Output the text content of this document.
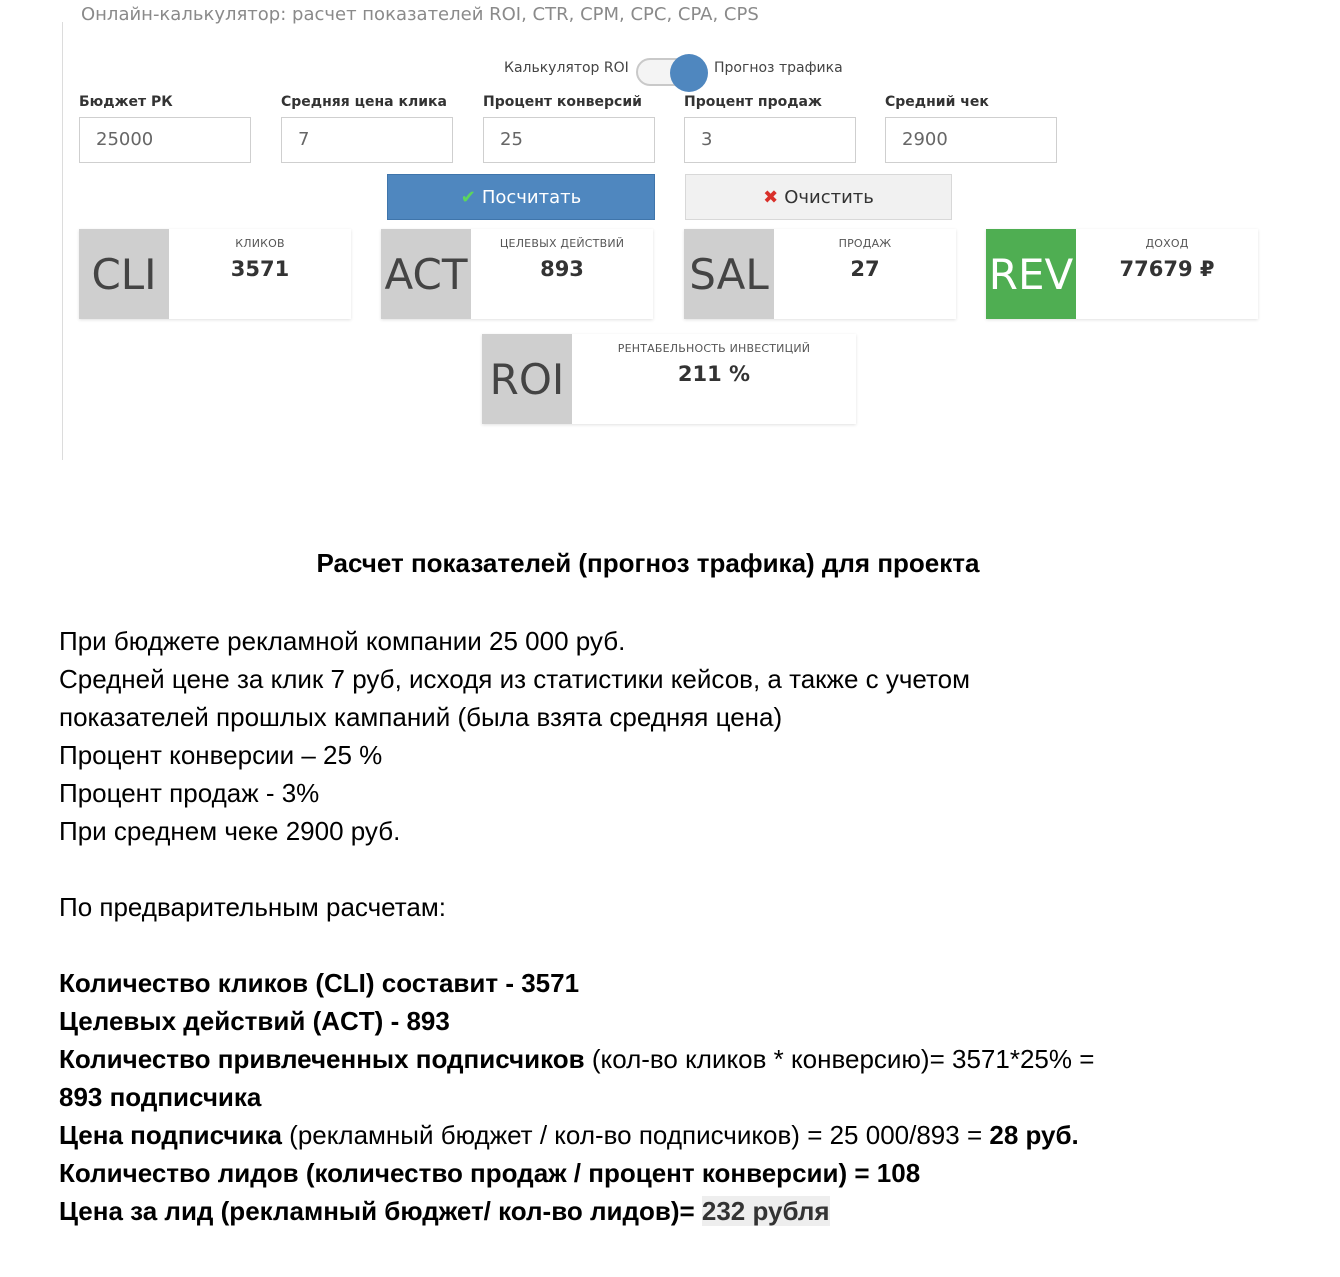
Онлайн-калькулятор: расчет показателей ROI, CTR, CPM, CPC, CPA, CPS
Калькулятор ROI	Прогноз трафика
Бюджет РК	Средняя цена клика	Процент конверсий	Процент продаж	Средний чек
25000	7	25	3	2900
✔ Посчитать	✖ Очистить
CLI
КЛИКОВ
3571	ACT
ЦЕЛЕВЫХ ДЕЙСТВИЙ
893	SAL
ПРОДАЖ
27	REV
ДОХОД
77679 ₽
ROI
РЕНТАБЕЛЬНОСТЬ ИНВЕСТИЦИЙ
211 %
Расчет показателей (прогноз трафика) для проекта
При бюджете рекламной компании 25 000 руб.
Средней цене за клик 7 руб, исходя из статистики кейсов, а также с учетом
показателей прошлых кампаний (была взята средняя цена)
Процент конверсии – 25 %
Процент продаж - 3%
При среднем чеке 2900 руб.
По предварительным расчетам:
Количество кликов (CLI) составит - 3571
Целевых действий (ACT) - 893
Количество привлеченных подписчиков (кол-во кликов * конверсию)= 3571*25% =
893 подписчика
Цена подписчика (рекламный бюджет / кол-во подписчиков) = 25 000/893 = 28 руб.
Количество лидов (количество продаж / процент конверсии) = 108
Цена за лид (рекламный бюджет/ кол-во лидов)= 232 рубля
